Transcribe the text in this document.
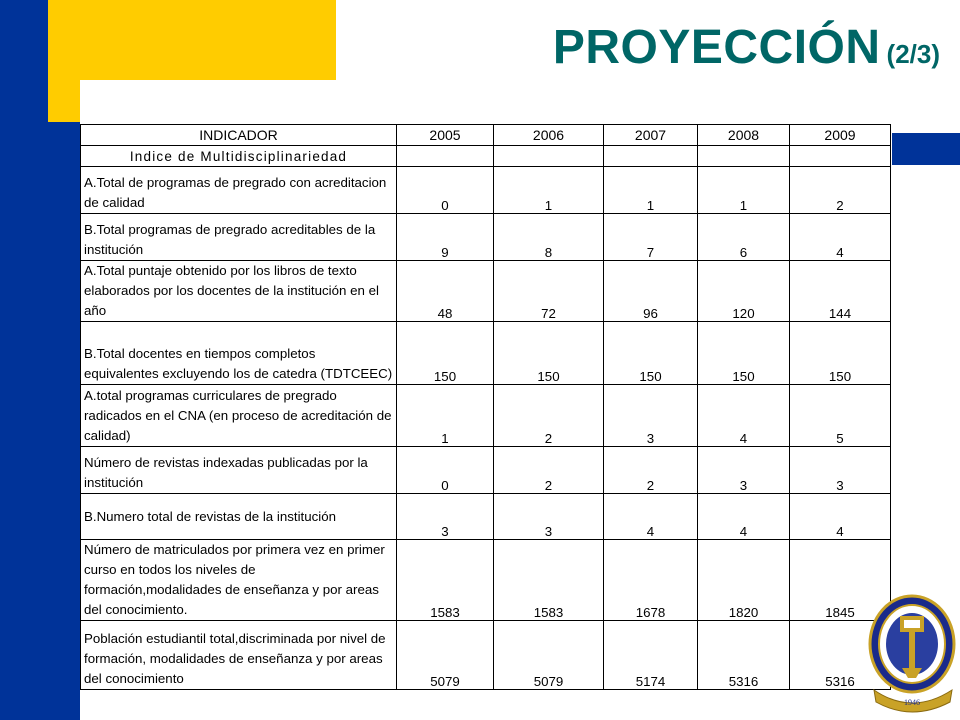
PROYECCIÓN (2/3)
INDICADOR	2005	2006	2007	2008	2009
Indice de Multidisciplinariedad					
A.Total de programas de pregrado con acreditacion de calidad	0	1	1	1	2
B.Total programas de pregrado acreditables de la institución	9	8	7	6	4
A.Total puntaje obtenido por los libros de texto elaborados por los docentes de la institución en el año	48	72	96	120	144
B.Total docentes en tiempos completos equivalentes excluyendo los de catedra (TDTCEEC)	150	150	150	150	150
A.total programas curriculares de pregrado radicados en el CNA (en proceso de acreditación de calidad)	1	2	3	4	5
Número de revistas indexadas publicadas por la institución	0	2	2	3	3
B.Numero total de revistas de la institución	3	3	4	4	4
Número de matriculados por primera vez en primer curso en todos los niveles de formación,modalidades de enseñanza y por areas del conocimiento.	1583	1583	1678	1820	1845
Población estudiantil total,discriminada por nivel de formación, modalidades de enseñanza y por areas del conocimiento	5079	5079	5174	5316	5316
1946
